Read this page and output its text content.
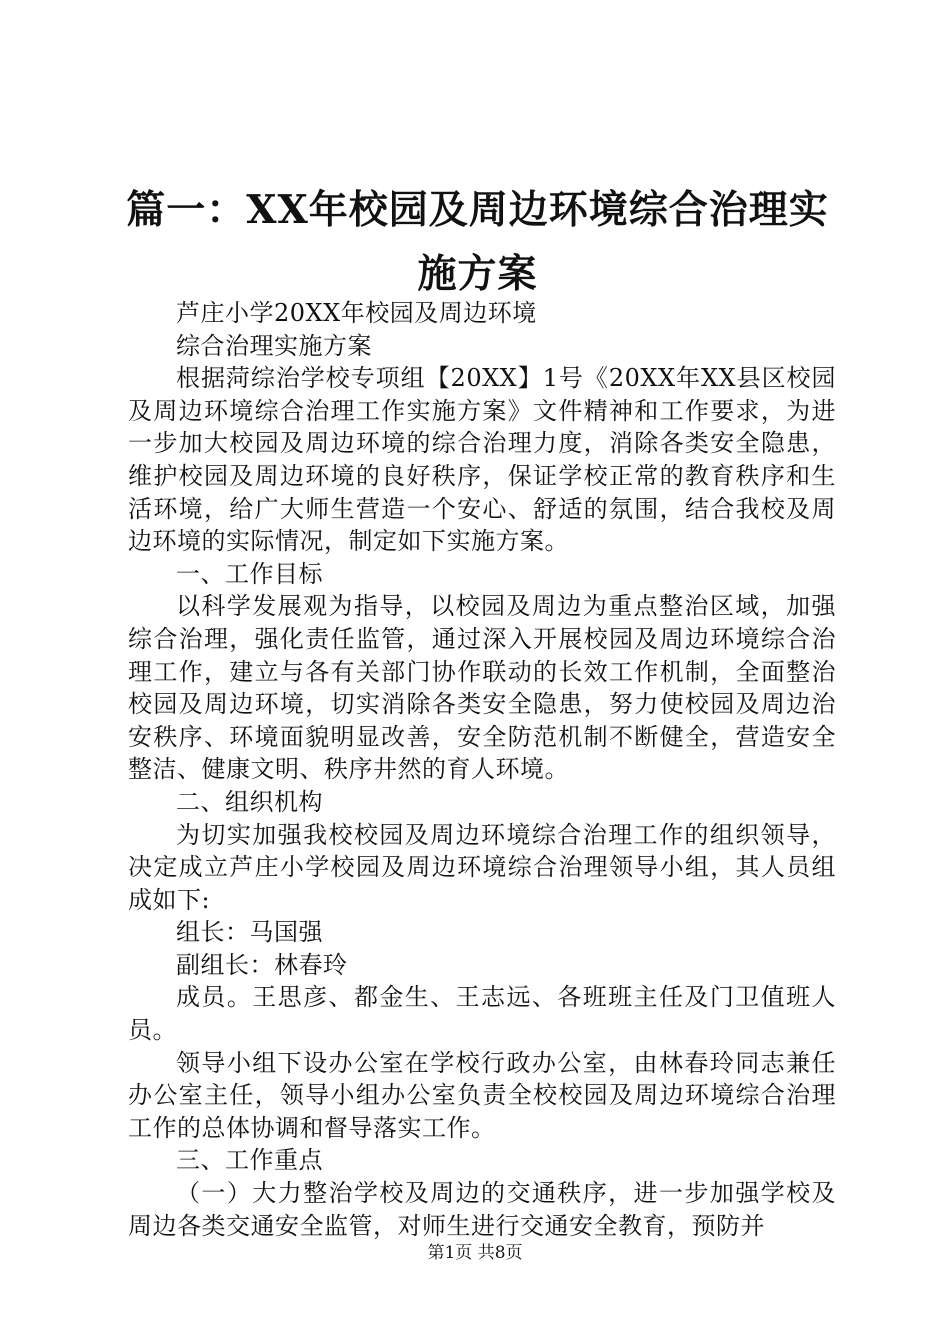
篇一：XX年校园及周边环境综合治理实施方案

芦庄小学20XX年校园及周边环境

综合治理实施方案

根据菏综治学校专项组【20XX】1号《20XX年XX县区校园及周边环境综合治理工作实施方案》文件精神和工作要求，为进一步加大校园及周边环境的综合治理力度，消除各类安全隐患，维护校园及周边环境的良好秩序，保证学校正常的教育秩序和生活环境，给广大师生营造一个安心、舒适的氛围，结合我校及周边环境的实际情况，制定如下实施方案。

一、工作目标

以科学发展观为指导，以校园及周边为重点整治区域，加强综合治理，强化责任监管，通过深入开展校园及周边环境综合治理工作，建立与各有关部门协作联动的长效工作机制，全面整治校园及周边环境，切实消除各类安全隐患，努力使校园及周边治安秩序、环境面貌明显改善，安全防范机制不断健全，营造安全整洁、健康文明、秩序井然的育人环境。

二、组织机构

为切实加强我校校园及周边环境综合治理工作的组织领导，决定成立芦庄小学校园及周边环境综合治理领导小组，其人员组成如下:

组长：马国强

副组长：林春玲

成员。王思彦、都金生、王志远、各班班主任及门卫值班人员。

领导小组下设办公室在学校行政办公室，由林春玲同志兼任办公室主任，领导小组办公室负责全校校园及周边环境综合治理工作的总体协调和督导落实工作。

三、工作重点

（一）大力整治学校及周边的交通秩序，进一步加强学校及周边各类交通安全监管，对师生进行交通安全教育，预防并

第1页 共8页
